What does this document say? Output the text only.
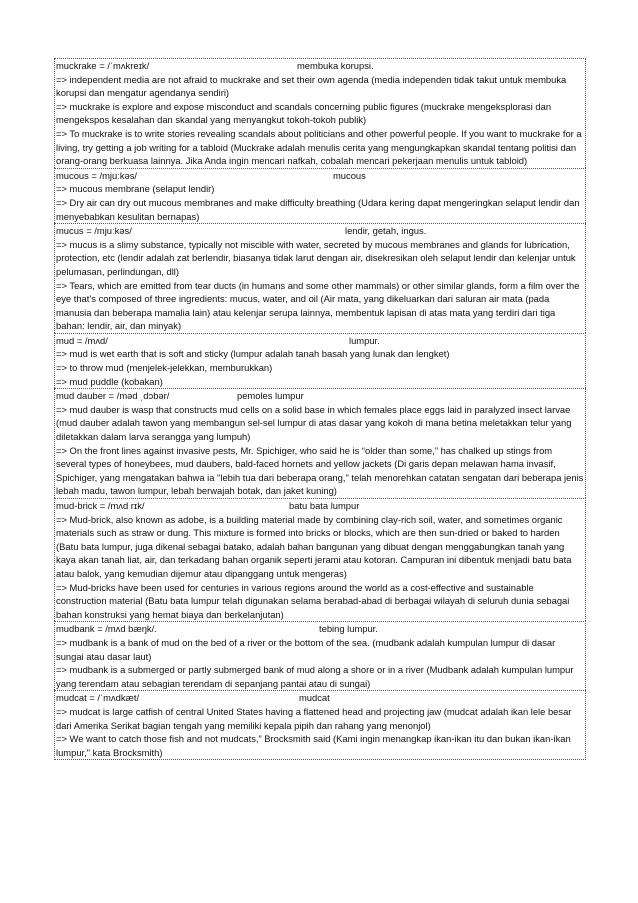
muckrake = /ˈmʌkreɪk/	membuka korupsi.
=> independent media are not afraid to muckrake and set their own agenda (media independen tidak takut untuk membuka korupsi dan mengatur agendanya sendiri)
=> muckrake is explore and expose misconduct and scandals concerning public figures (muckrake mengeksplorasi dan mengekspos kesalahan dan skandal yang menyangkut tokoh-tokoh publik)
=> To muckrake is to write stories revealing scandals about politicians and other powerful people. If you want to muckrake for a living, try getting a job writing for a tabloid (Muckrake adalah menulis cerita yang mengungkapkan skandal tentang politisi dan orang-orang berkuasa lainnya. Jika Anda ingin mencari nafkah, cobalah mencari pekerjaan menulis untuk tabloid)
mucous = /mjuːkəs/	mucous
=> mucous membrane (selaput lendir)
=> Dry air can dry out mucous membranes and make difficulty breathing (Udara kering dapat mengeringkan selaput lendir dan menyebabkan kesulitan bernapas)
mucus = /mjuːkəs/	lendir, getah, ingus.
=> mucus is a slimy substance, typically not miscible with water, secreted by mucous membranes and glands for lubrication, protection, etc (lendir adalah zat berlendir, biasanya tidak larut dengan air, disekresikan oleh selaput lendir dan kelenjar untuk pelumasan, perlindungan, dll)
=> Tears, which are emitted from tear ducts (in humans and some other mammals) or other similar glands, form a film over the eye that’s composed of three ingredients: mucus, water, and oil (Air mata, yang dikeluarkan dari saluran air mata (pada manusia dan beberapa mamalia lain) atau kelenjar serupa lainnya, membentuk lapisan di atas mata yang terdiri dari tiga bahan: lendir, air, dan minyak)
mud = /mʌd/	lumpur.
=> mud is wet earth that is soft and sticky (lumpur adalah tanah basah yang lunak dan lengket)
=> to throw mud (menjelek-jelekkan, memburukkan)
=> mud puddle (kobakan)
mud dauber = /məd ˌdɔbər/	pemoles lumpur
=> mud dauber is wasp that constructs mud cells on a solid base in which females place eggs laid in paralyzed insect larvae (mud dauber adalah tawon yang membangun sel-sel lumpur di atas dasar yang kokoh di mana betina meletakkan telur yang diletakkan dalam larva serangga yang lumpuh)
=> On the front lines against invasive pests, Mr. Spichiger, who said he is “older than some,” has chalked up stings from several types of honeybees, mud daubers, bald-faced hornets and yellow jackets (Di garis depan melawan hama invasif, Spichiger, yang mengatakan bahwa ia "lebih tua dari beberapa orang," telah menorehkan catatan sengatan dari beberapa jenis lebah madu, tawon lumpur, lebah berwajah botak, dan jaket kuning)
mud-brick = /mʌd rɪk/	batu bata lumpur
=> Mud-brick, also known as adobe, is a building material made by combining clay-rich soil, water, and sometimes organic materials such as straw or dung. This mixture is formed into bricks or blocks, which are then sun-dried or baked to harden (Batu bata lumpur, juga dikenal sebagai batako, adalah bahan bangunan yang dibuat dengan menggabungkan tanah yang kaya akan tanah liat, air, dan terkadang bahan organik seperti jerami atau kotoran. Campuran ini dibentuk menjadi batu bata atau balok, yang kemudian dijemur atau dipanggang untuk mengeras)
=> Mud-bricks have been used for centuries in various regions around the world as a cost-effective and sustainable construction material (Batu bata lumpur telah digunakan selama berabad-abad di berbagai wilayah di seluruh dunia sebagai bahan konstruksi yang hemat biaya dan berkelanjutan)
mudbank = /mʌd bæŋk/.	tebing lumpur.
=> mudbank is a bank of mud on the bed of a river or the bottom of the sea. (mudbank adalah kumpulan lumpur di dasar sungai atau dasar laut)
=> mudbank is a submerged or partly submerged bank of mud along a shore or in a river (Mudbank adalah kumpulan lumpur yang terendam atau sebagian terendam di sepanjang pantai atau di sungai)
mudcat = /ˈmʌdkæt/	mudcat
=> mudcat is large catfish of central United States having a flattened head and projecting jaw (mudcat adalah ikan lele besar dari Amerika Serikat bagian tengah yang memiliki kepala pipih dan rahang yang menonjol)
=> We want to catch those fish and not mudcats,” Brocksmith said (Kami ingin menangkap ikan-ikan itu dan bukan ikan-ikan lumpur," kata Brocksmith)
